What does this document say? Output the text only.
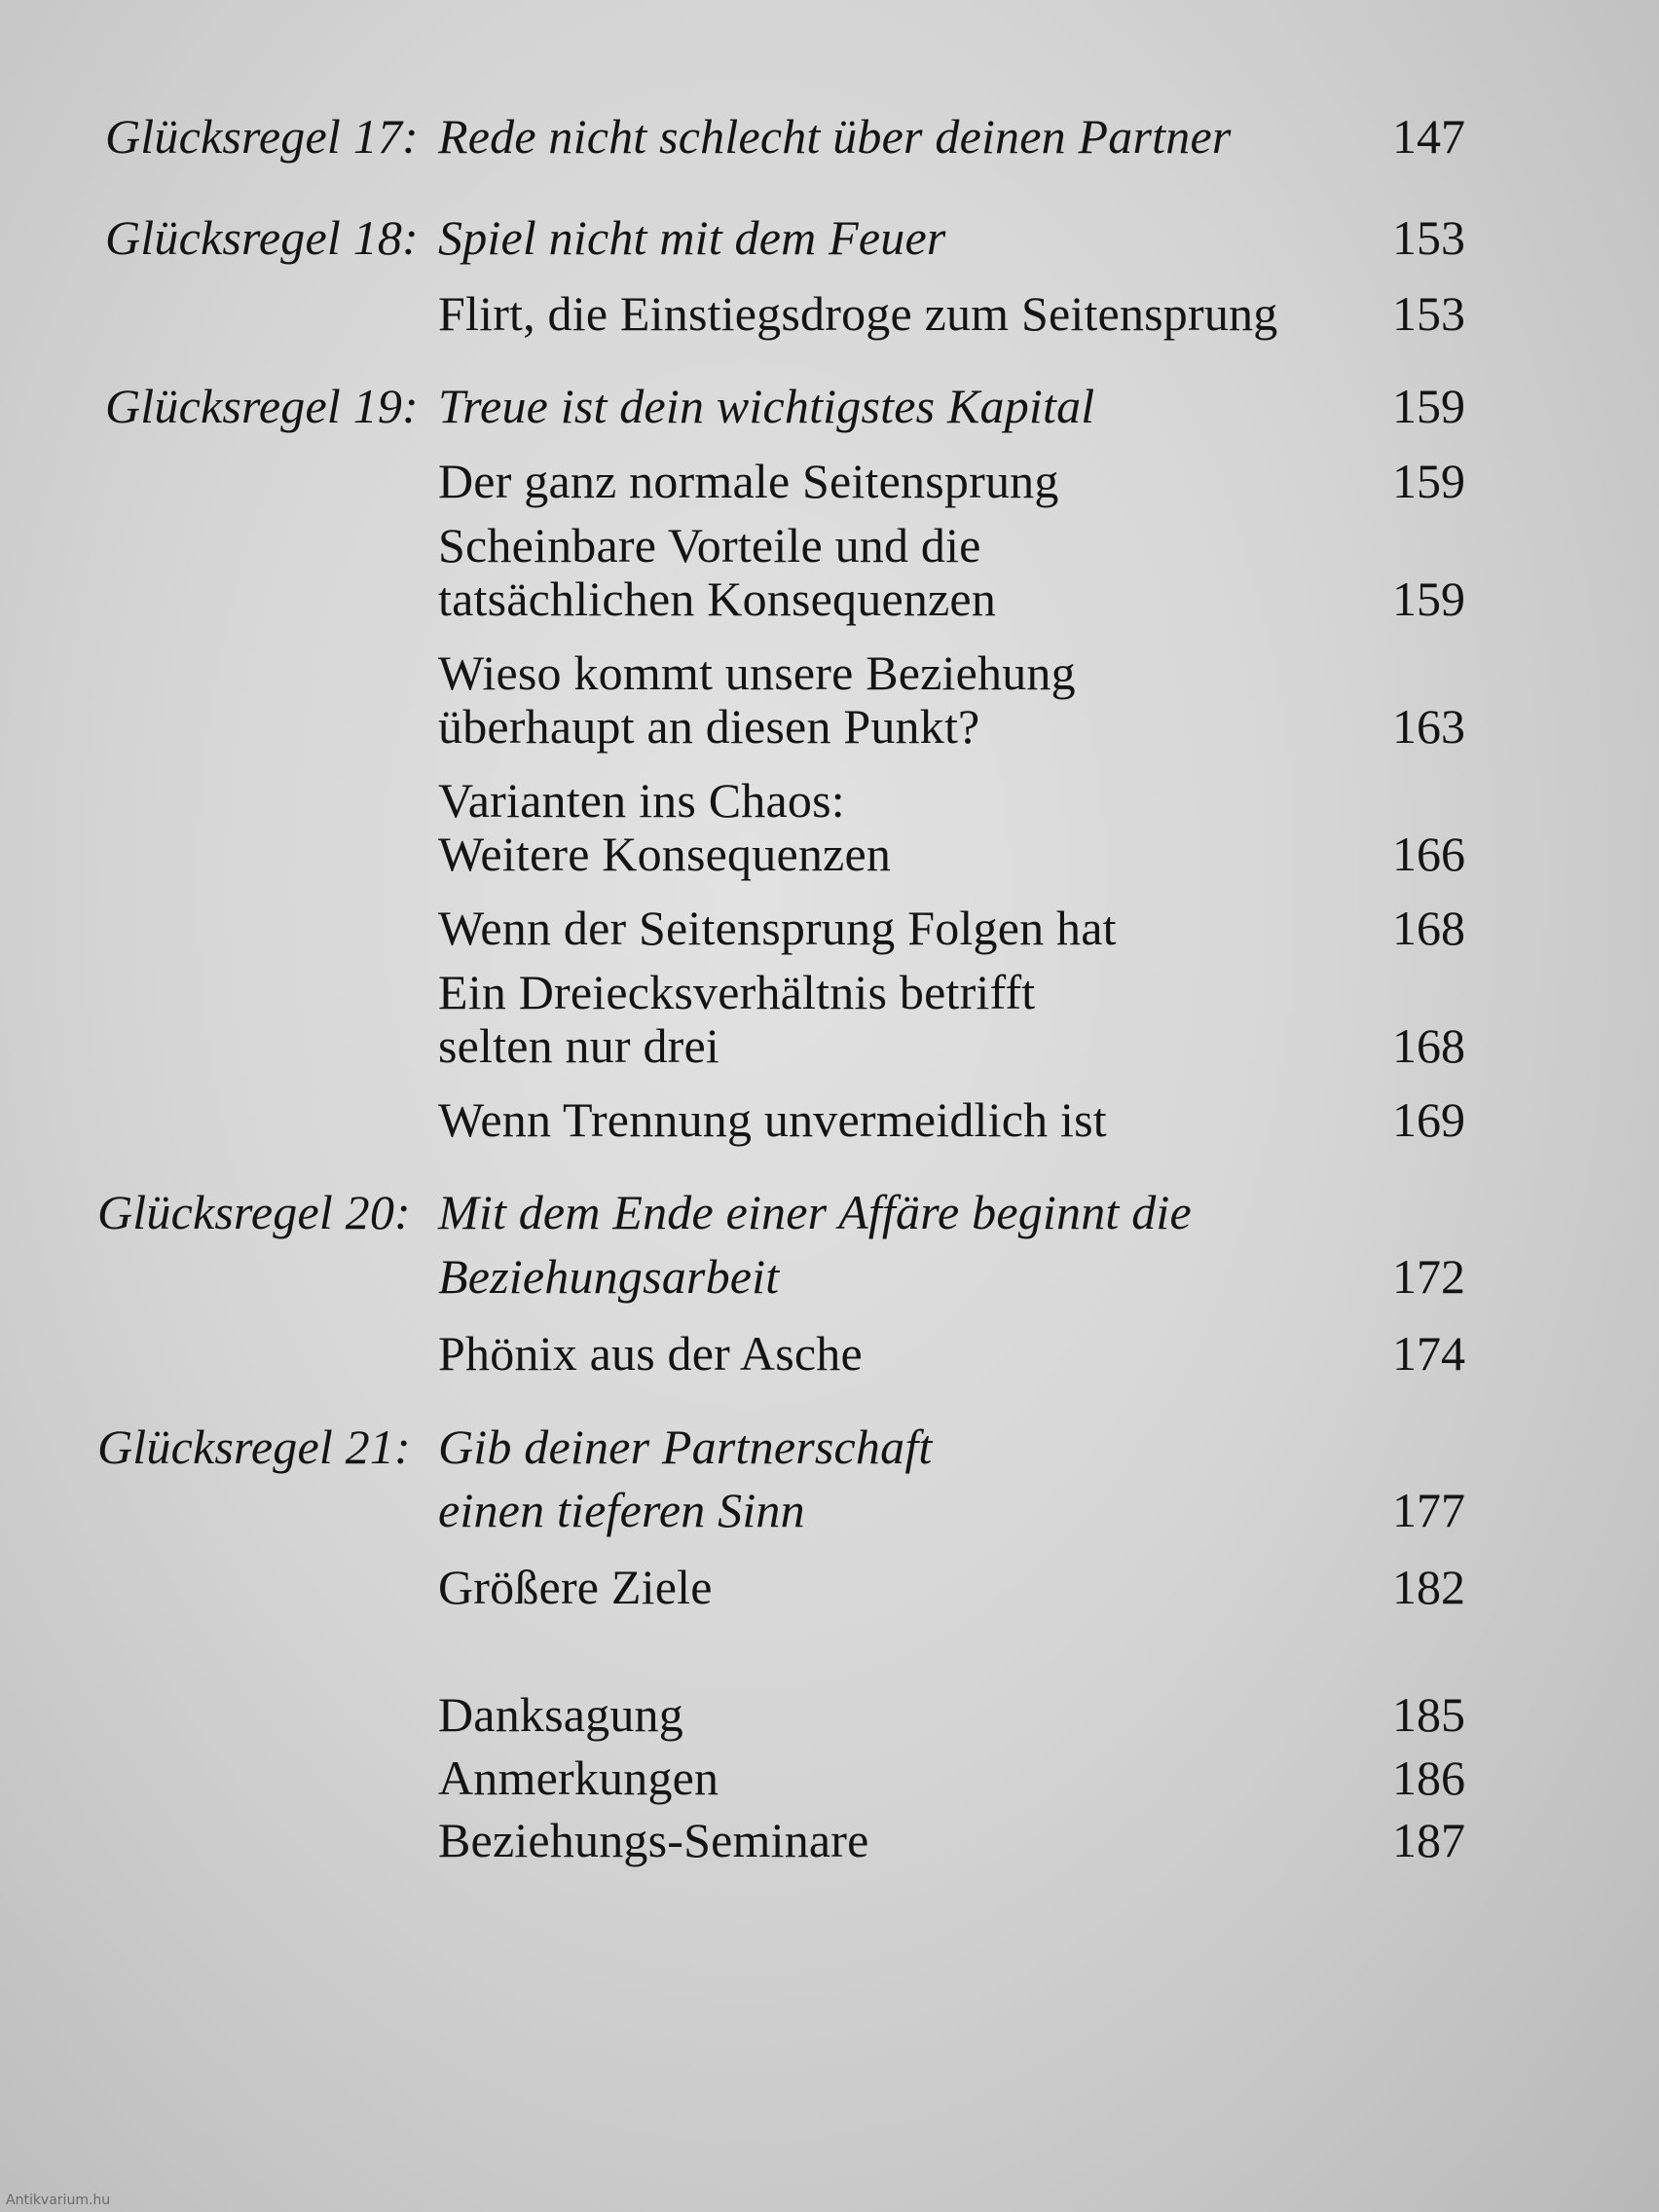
Glücksregel 17: Rede nicht schlecht über deinen Partner	147
Glücksregel 18: Spiel nicht mit dem Feuer	153
Flirt, die Einstiegsdroge zum Seitensprung	153
Glücksregel 19: Treue ist dein wichtigstes Kapital	159
Der ganz normale Seitensprung	159
Scheinbare Vorteile und die
tatsächlichen Konsequenzen	159
Wieso kommt unsere Beziehung
überhaupt an diesen Punkt?	163
Varianten ins Chaos:
Weitere Konsequenzen	166
Wenn der Seitensprung Folgen hat	168
Ein Dreiecksverhältnis betrifft
selten nur drei	168
Wenn Trennung unvermeidlich ist	169
Glücksregel 20: Mit dem Ende einer Affäre beginnt die
Beziehungsarbeit	172
Phönix aus der Asche	174
Glücksregel 21: Gib deiner Partnerschaft
einen tieferen Sinn	177
Größere Ziele	182
Danksagung	185
Anmerkungen	186
Beziehungs-Seminare	187
Antikvarium.hu
